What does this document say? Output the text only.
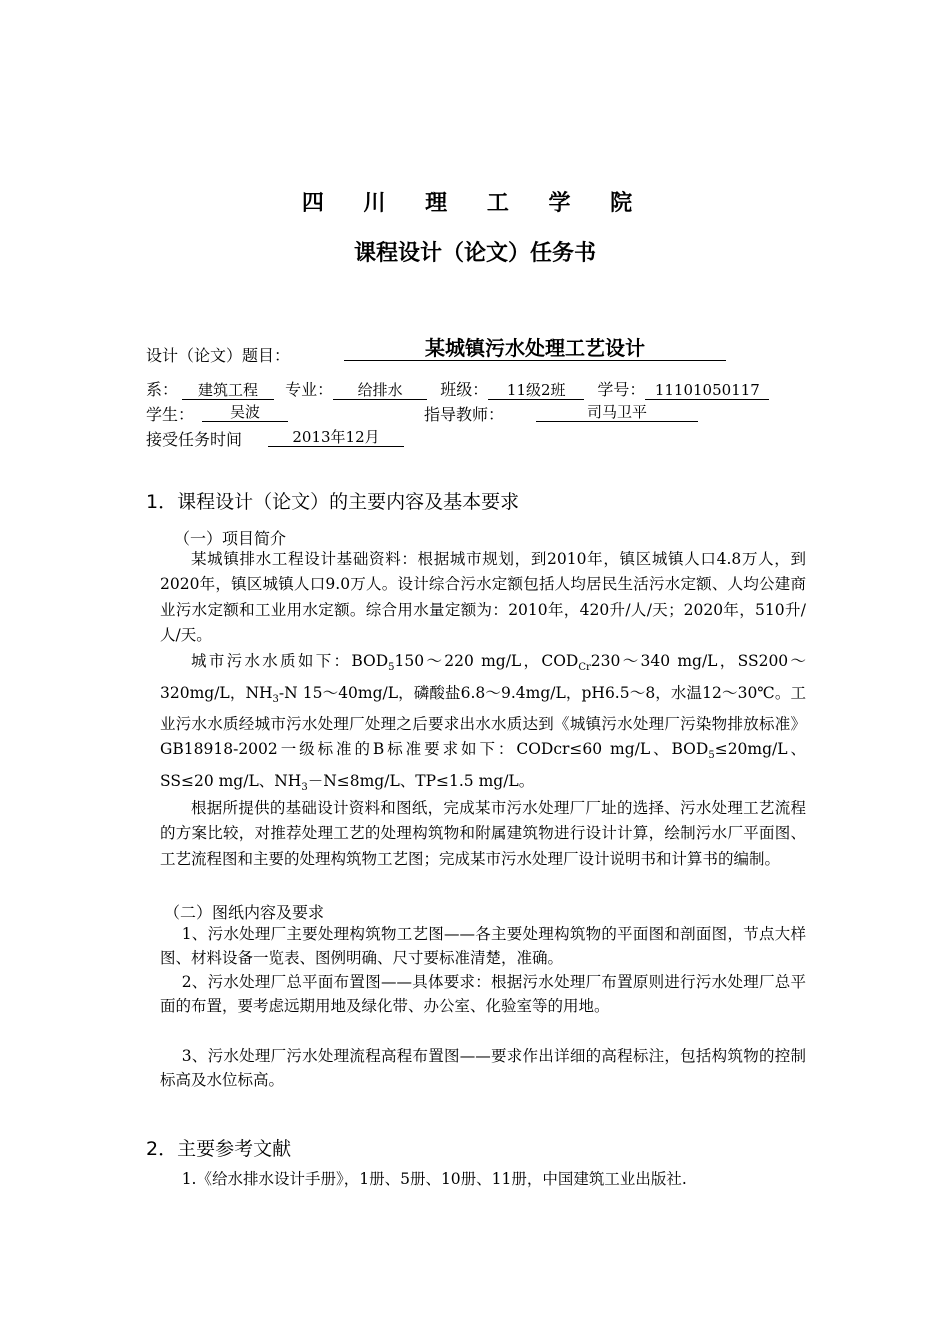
四 川 理 工 学 院
课程设计（论文）任务书
设计（论文）题目：	某城镇污水处理工艺设计
系： 建筑工程 专业： 给排水 班级： 11级2班 学号： 11101050117
学生：	吴波	指导教师：	司马卫平
接受任务时间	2013年12月
1．课程设计（论文）的主要内容及基本要求
（一）项目简介
某城镇排水工程设计基础资料：根据城市规划，到2010年，镇区城镇人口4.8万人，到2020年，镇区城镇人口9.0万人。设计综合污水定额包括人均居民生活污水定额、人均公建商业污水定额和工业用水定额。综合用水量定额为：2010年，420升/人/天；2020年，510升/人/天。
城市污水水质如下：$BOD_5150\sim 220$ mg/L，$COD_{Cr}230\sim 340$ mg/L，SS200～320mg/L，$NH_3-N$ 15～40mg/L，磷酸盐6.8～9.4mg/L，pH6.5～8，水温12～30℃。工业污水水质经城市污水处理厂处理之后要求出水水质达到《城镇污水处理厂污染物排放标准》GB18918-2002一级标准的B标准要求如下：CODcr≤60 mg/L、$BOD_5\le 20mg/L$、SS≤20 mg/L、$NH_3-N\le 8mg/L$、TP≤1.5 mg/L。
根据所提供的基础设计资料和图纸，完成某市污水处理厂厂址的选择、污水处理工艺流程的方案比较，对推荐处理工艺的处理构筑物和附属建筑物进行设计计算，绘制污水厂平面图、工艺流程图和主要的处理构筑物工艺图；完成某市污水处理厂设计说明书和计算书的编制。
（二）图纸内容及要求
1、污水处理厂主要处理构筑物工艺图——各主要处理构筑物的平面图和剖面图，节点大样图、材料设备一览表、图例明确、尺寸要标准清楚，准确。
2、污水处理厂总平面布置图——具体要求：根据污水处理厂布置原则进行污水处理厂总平面的布置，要考虑远期用地及绿化带、办公室、化验室等的用地。
3、污水处理厂污水处理流程高程布置图——要求作出详细的高程标注，包括构筑物的控制标高及水位标高。
2．主要参考文献
1.《给水排水设计手册》，1册、5册、10册、11册，中国建筑工业出版社.
